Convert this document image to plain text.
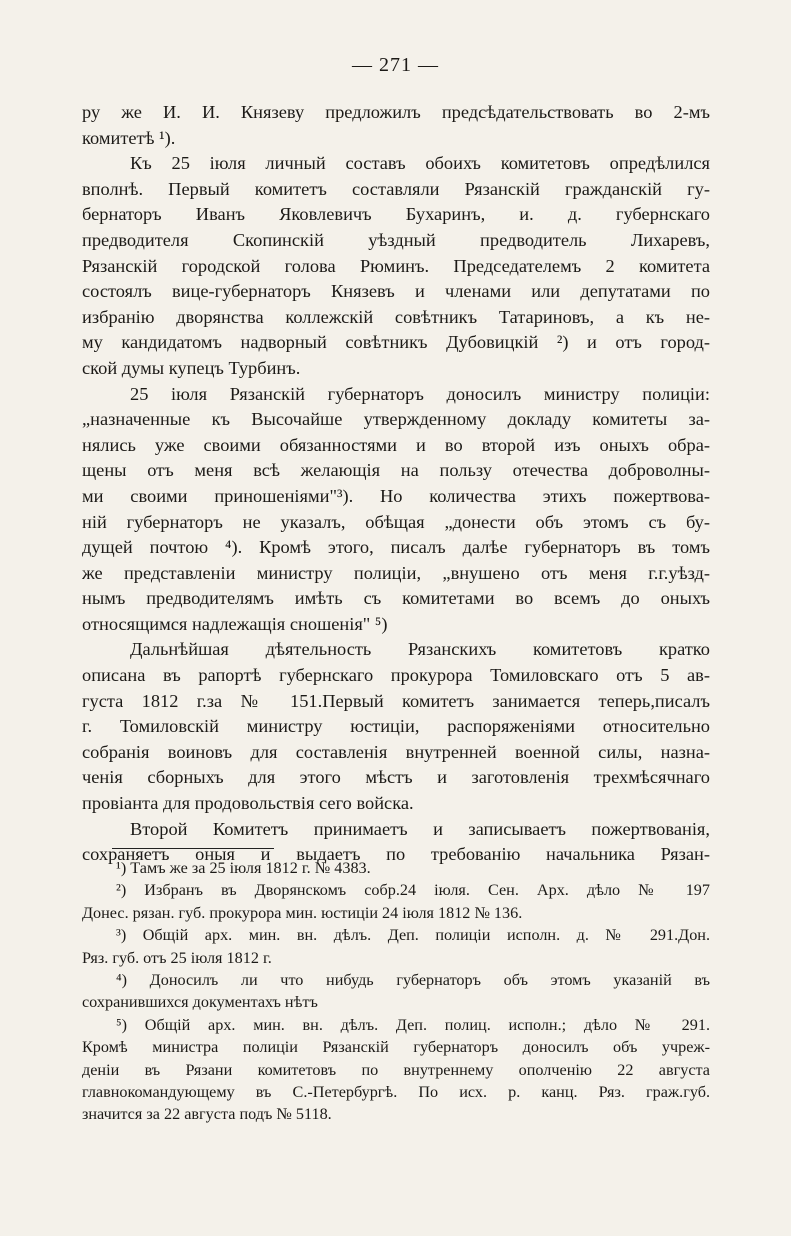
— 271 —
ру же И. И. Князеву предложилъ предсѣдательствовать во 2-мъ
комитетѣ ¹).
Къ 25 іюля личный составъ обоихъ комитетовъ опредѣлился
вполнѣ. Первый комитетъ составляли Рязанскій гражданскій гу-
бернаторъ Иванъ Яковлевичъ Бухаринъ, и. д. губернскаго
предводителя Скопинскій уѣздный предводитель Лихаревъ,
Рязанскій городской голова Рюминъ. Председателемъ 2 комитета
состоялъ вице-губернаторъ Князевъ и членами или депутатами по
избранію дворянства коллежскій совѣтникъ Татариновъ, а къ не-
му кандидатомъ надворный совѣтникъ Дубовицкій ²) и отъ город-
ской думы купецъ Турбинъ.
25 іюля Рязанскій губернаторъ доносилъ министру полиціи:
„назначенные къ Высочайше утвержденному докладу комитеты за-
нялись уже своими обязанностями и во второй изъ оныхъ обра-
щены отъ меня всѣ желающія на пользу отечества доброволны-
ми своими приношеніями"³). Но количества этихъ пожертвова-
ній губернаторъ не указалъ, обѣщая „донести объ этомъ съ бу-
дущей почтою ⁴). Кромѣ этого, писалъ далѣе губернаторъ въ томъ
же представленіи министру полиціи, „внушено отъ меня г.г.уѣзд-
нымъ предводителямъ имѣть съ комитетами во всемъ до оныхъ
относящимся надлежащія сношенія" ⁵)
Дальнѣйшая дѣятельность Рязанскихъ комитетовъ кратко
описана въ рапортѣ губернскаго прокурора Томиловскаго отъ 5 ав-
густа 1812 г.за № 151.Первый комитетъ занимается теперь,писалъ
г. Томиловскій министру юстиціи, распоряженіями относительно
собранія воиновъ для составленія внутренней военной силы, назна-
ченія сборныхъ для этого мѣстъ и заготовленія трехмѣсячнаго
провіанта для продовольствія сего войска.
Второй Комитетъ принимаетъ и записываетъ пожертвованія,
сохраняетъ оныя и выдаетъ по требованію начальника Рязан-
¹) Тамъ же за 25 іюля 1812 г. № 4383.
²) Избранъ въ Дворянскомъ собр.24 іюля. Сен. Арх. дѣло № 197
Донес. рязан. губ. прокурора мин. юстиціи 24 іюля 1812 № 136.
³) Общій арх. мин. вн. дѣлъ. Деп. полиціи исполн. д. № 291.Дон.
Ряз. губ. отъ 25 іюля 1812 г.
⁴) Доносилъ ли что нибудь губернаторъ объ этомъ указаній въ
сохранившихся документахъ нѣтъ
⁵) Общій арх. мин. вн. дѣлъ. Деп. полиц. исполн.; дѣло № 291.
Кромѣ министра полиціи Рязанскій губернаторъ доносилъ объ учреж-
деніи въ Рязани комитетовъ по внутреннему ополченію 22 августа
главнокомандующему въ С.-Петербургѣ. По исх. р. канц. Ряз. граж.губ.
значится за 22 августа подъ № 5118.
